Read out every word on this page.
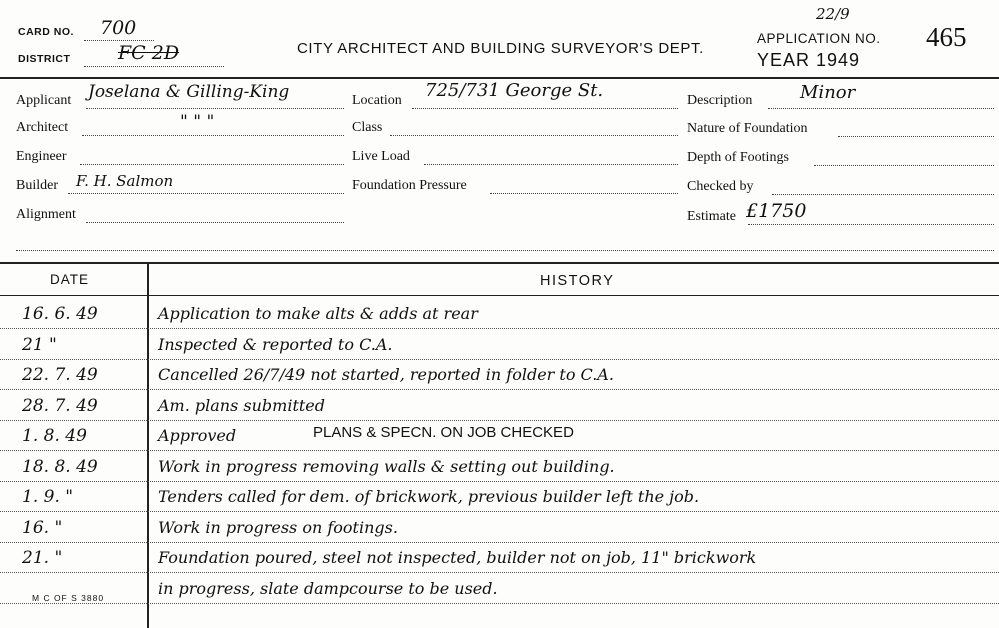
CARD NO. 700
DISTRICT	FC 2D	CITY ARCHITECT AND BUILDING SURVEYOR'S DEPT.
22/9
APPLICATION NO. 465
YEAR 1949
Applicant Joselana & Gilling-King
Architect	" " "
Engineer
Builder F. H. Salmon
Alignment
Location 725/731 George St.
Class
Live Load
Foundation Pressure
Description	Minor
Nature of Foundation
Depth of Footings
Checked by
Estimate £1750
DATE	HISTORY
16. 6. 49	Application to make alts & adds at rear
21 "	Inspected & reported to C.A.
22. 7. 49	Cancelled 26/7/49 not started, reported in folder to C.A.
28. 7. 49	Am. plans submitted
1. 8. 49	Approved
18. 8. 49	Work in progress removing walls & setting out building.
1. 9. "	Tenders called for dem. of brickwork, previous builder left the job.
16. "	Work in progress on footings.
21. "	Foundation poured, steel not inspected, builder not on job, 11" brickwork
in progress, slate dampcourse to be used.
PLANS & SPECN. ON JOB CHECKED
M C OF S 3880
